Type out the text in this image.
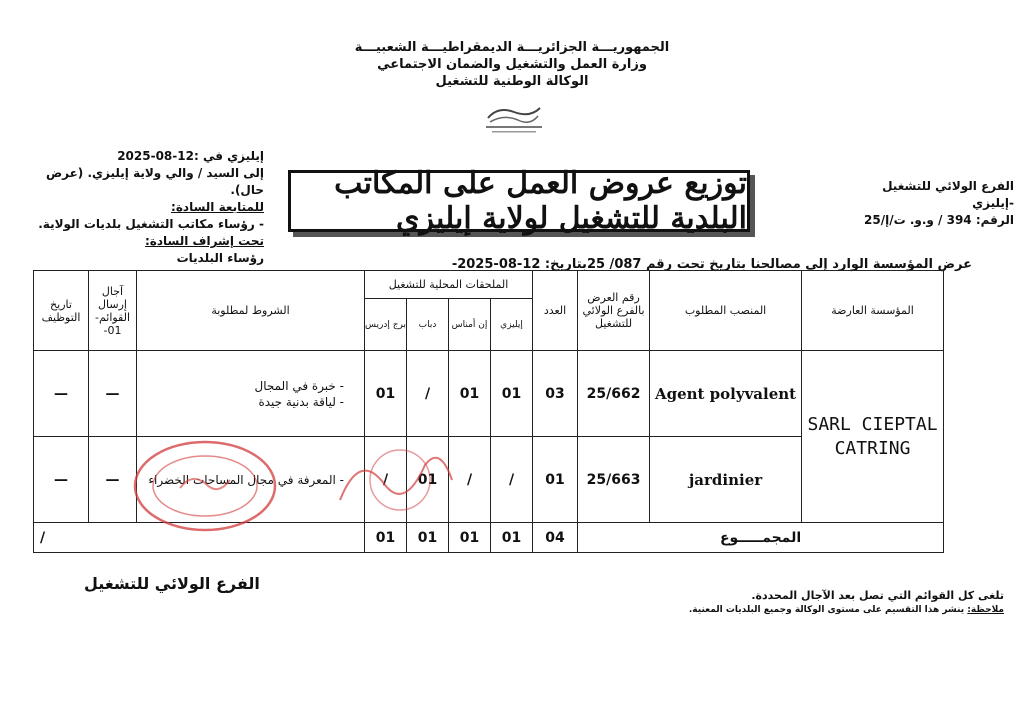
الجمهوريـــة الجزائريـــة الديمقراطيـــة الشعبيـــة
وزارة العمل والتشغيل والضمان الاجتماعي
الوكالة الوطنية للتشغيل
إيليزي في :12-08-2025
إلى السيد / والي ولاية إيليزي. (عرض حال).
للمتابعة السادة:
- رؤساء مكاتب التشغيل بلديات الولاية.
تحت إشراف السادة:
رؤساء البلديات
الفرع الولائي للتشغيل -إيليزي
الرقم: 394 / و.و. ت/إ/25
توزيع عروض العمل على المكاتب البلدية للتشغيل لولاية إيليزي
عرض المؤسسة الوارد إلى مصالحنا بتاريخ تحت رقم 087/ 25بتاريخ: 12-08-2025-
المؤسسة العارضة	المنصب المطلوب	رقم العرض بالفرع الولائي للتشغيل	العدد	الملحقات المحلية للتشغيل				الشروط لمطلوبة	آجال إرسال القوائم- 01-	تاريخ التوظيف
				إيليزي	إن أمناس	دباب	برج إدريس			
SARL CIEPTAL CATRING	Agent polyvalent	25/662	03	01	01	/	01	- خبرة في المجال
- لياقة بدنية جيدة	—	—
	jardinier	25/663	01	/	/	01	/	- المعرفة في مجال المساحات الخضراء	—	—
المجمـــــوع			04	01	01	01	01	/		
الفرع الولائي للتشغيل
تلغى كل القوائم التي تصل بعد الآجال المحددة.
ملاحظة: ينشر هذا التقسيم على مستوى الوكالة وجميع البلديات المعنية.
